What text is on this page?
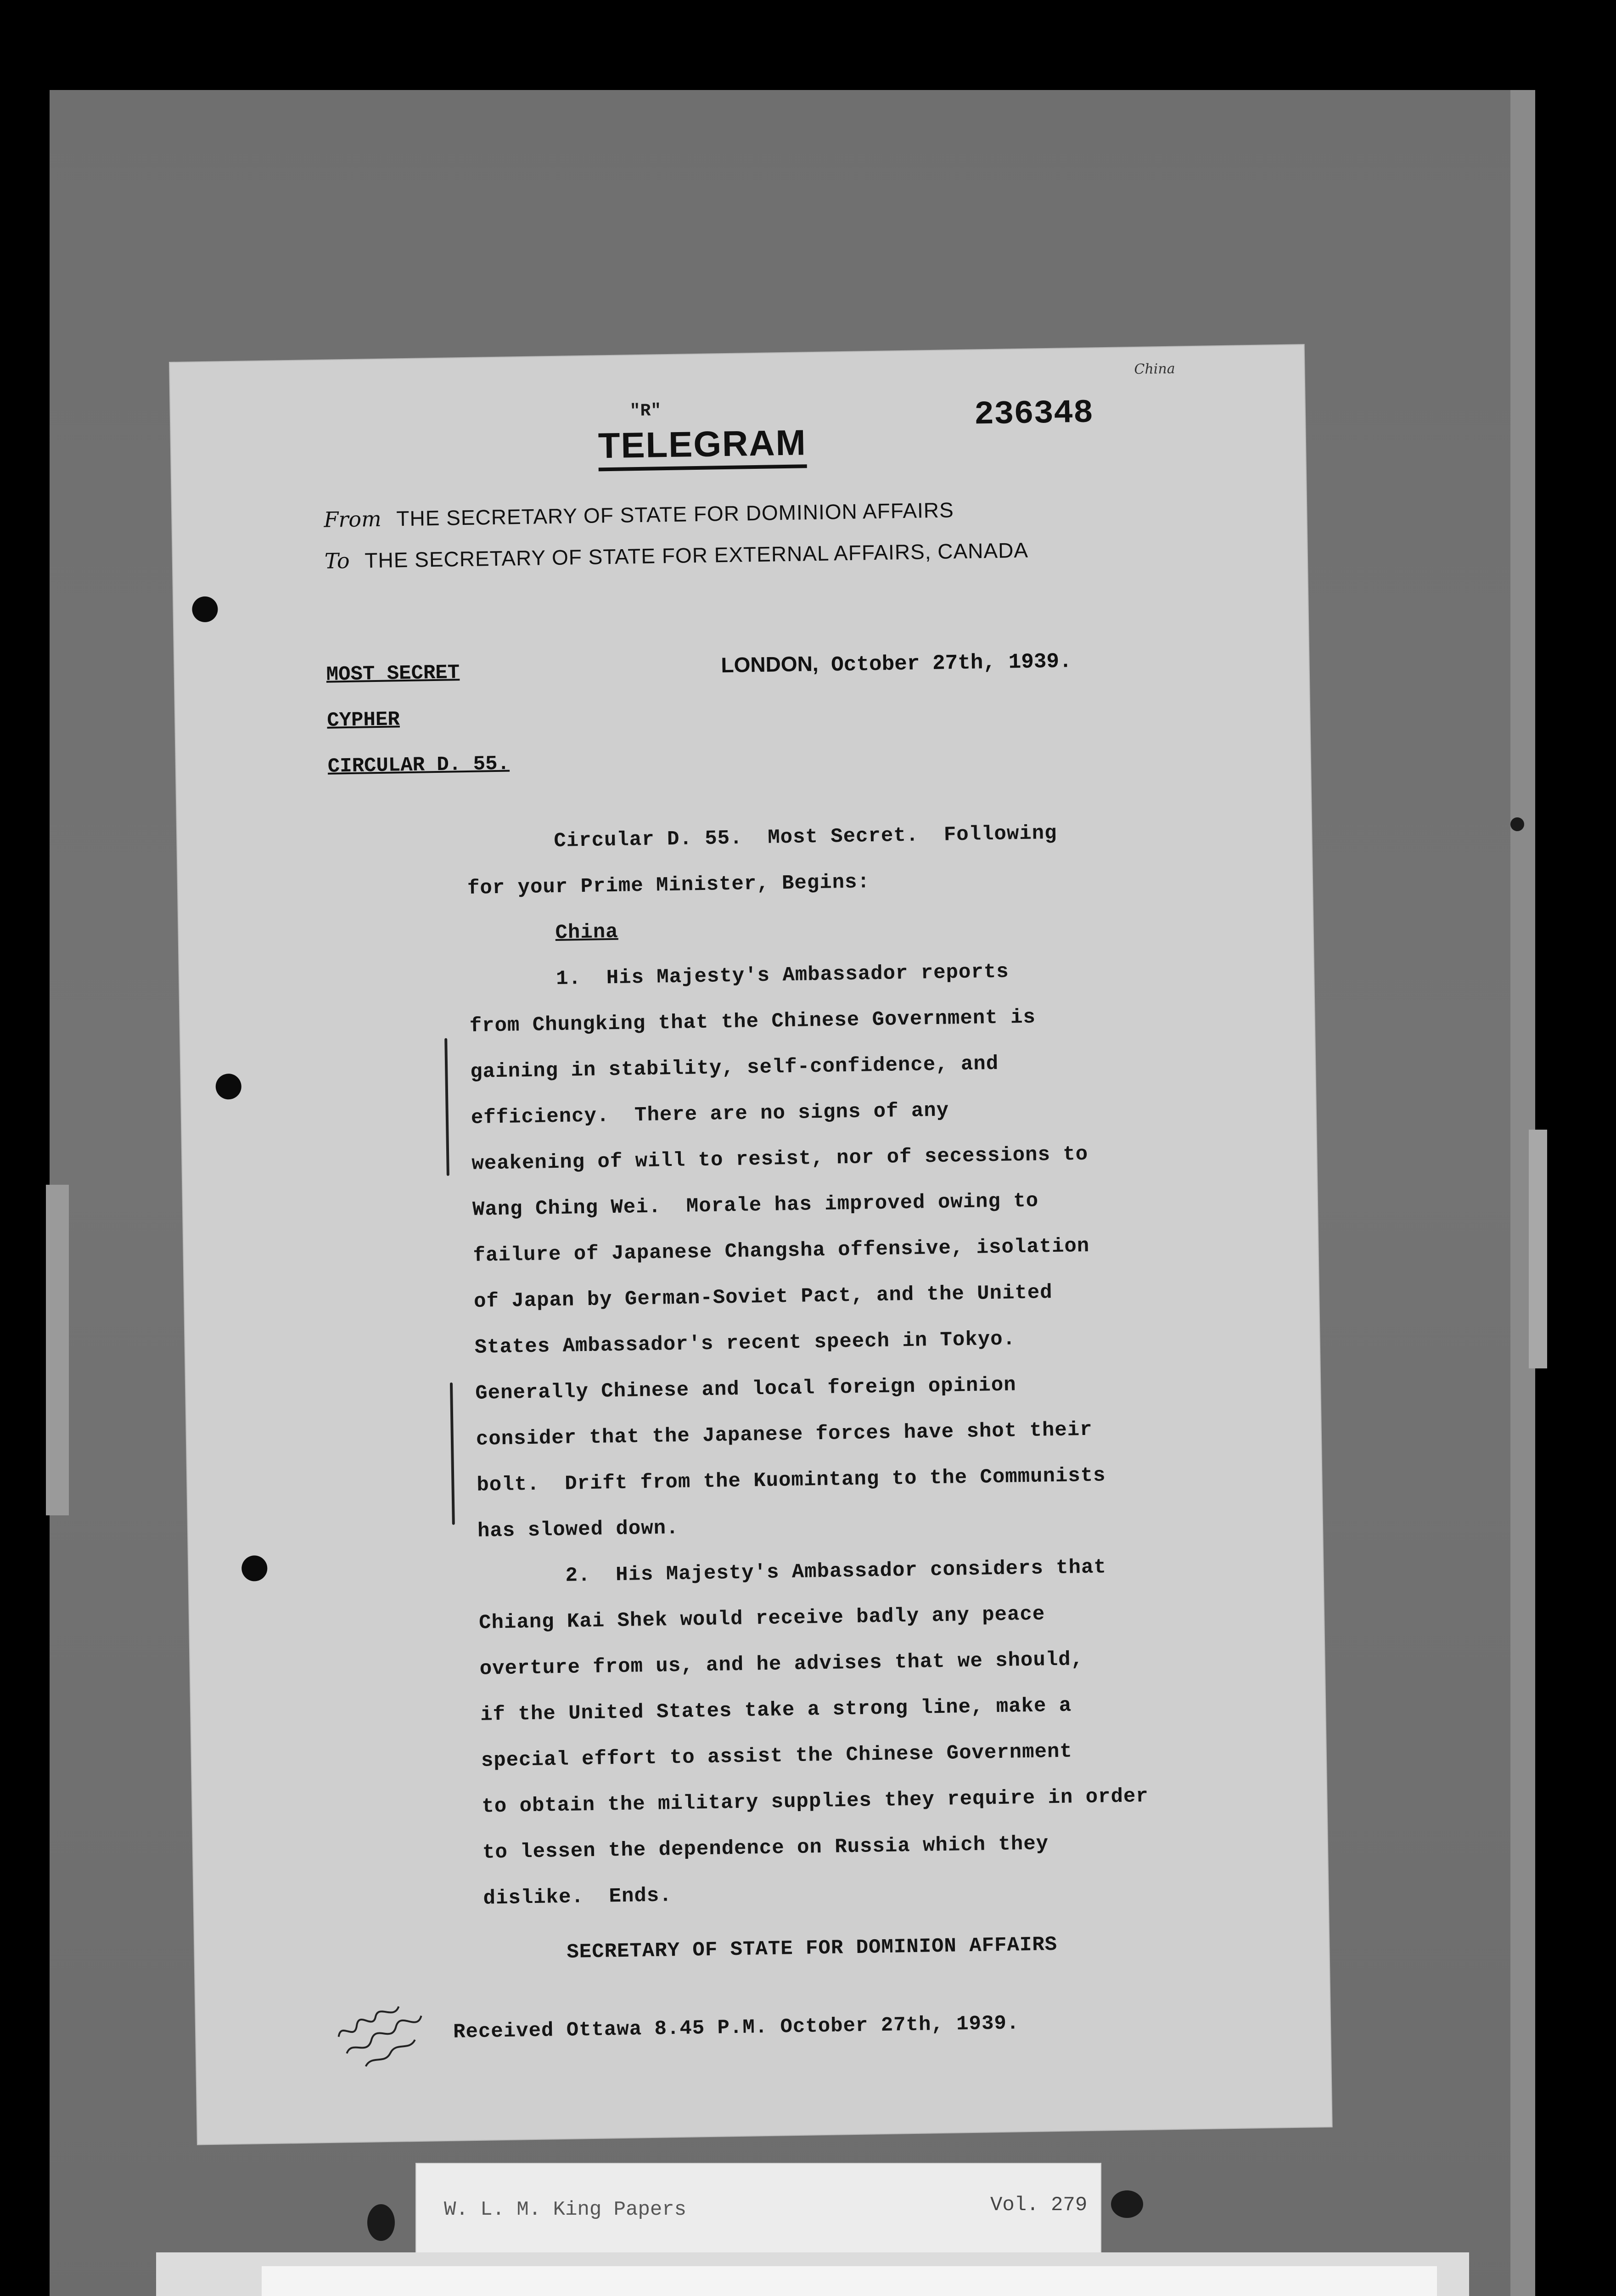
China
"R"
TELEGRAM
236348
From THE SECRETARY OF STATE FOR DOMINION AFFAIRS
To THE SECRETARY OF STATE FOR EXTERNAL AFFAIRS, CANADA
MOST SECRET
CYPHER
CIRCULAR D. 55.
LONDON, October 27th, 1939.
Circular D. 55.  Most Secret.  Following
for your Prime Minister, Begins:
China
1.  His Majesty's Ambassador reports
from Chungking that the Chinese Government is
gaining in stability, self-confidence, and
efficiency.  There are no signs of any
weakening of will to resist, nor of secessions to
Wang Ching Wei.  Morale has improved owing to
failure of Japanese Changsha offensive, isolation
of Japan by German-Soviet Pact, and the United
States Ambassador's recent speech in Tokyo.
Generally Chinese and local foreign opinion
consider that the Japanese forces have shot their
bolt.  Drift from the Kuomintang to the Communists
has slowed down.
2.  His Majesty's Ambassador considers that
Chiang Kai Shek would receive badly any peace
overture from us, and he advises that we should,
if the United States take a strong line, make a
special effort to assist the Chinese Government
to obtain the military supplies they require in order
to lessen the dependence on Russia which they
dislike.  Ends.
SECRETARY OF STATE FOR DOMINION AFFAIRS
Received Ottawa 8.45 P.M. October 27th, 1939.
W. L. M. King Papers	Vol. 279
